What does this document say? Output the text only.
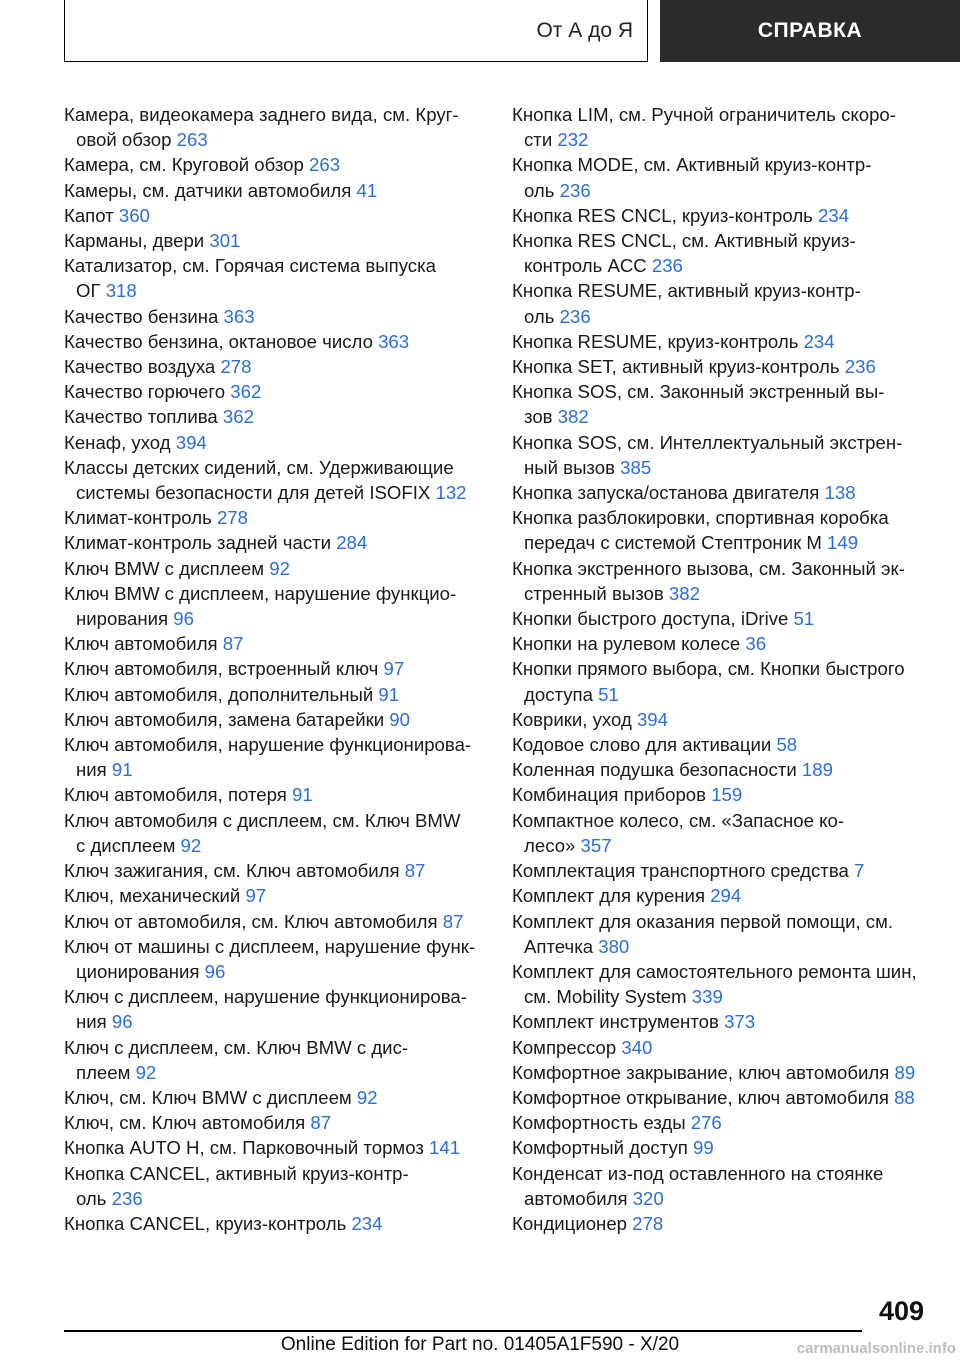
От А до Я	СПРАВКА
Камера, видеокамера заднего вида, см. Круг-
овой обзор 263
Камера, см. Круговой обзор 263
Камеры, см. датчики автомобиля 41
Капот 360
Карманы, двери 301
Катализатор, см. Горячая система выпуска
ОГ 318
Качество бензина 363
Качество бензина, октановое число 363
Качество воздуха 278
Качество горючего 362
Качество топлива 362
Кенаф, уход 394
Классы детских сидений, см. Удерживающие
системы безопасности для детей ISOFIX 132
Климат-контроль 278
Климат-контроль задней части 284
Ключ BMW с дисплеем 92
Ключ BMW с дисплеем, нарушение функцио-
нирования 96
Ключ автомобиля 87
Ключ автомобиля, встроенный ключ 97
Ключ автомобиля, дополнительный 91
Ключ автомобиля, замена батарейки 90
Ключ автомобиля, нарушение функционирова-
ния 91
Ключ автомобиля, потеря 91
Ключ автомобиля с дисплеем, см. Ключ BMW
с дисплеем 92
Ключ зажигания, см. Ключ автомобиля 87
Ключ, механический 97
Ключ от автомобиля, см. Ключ автомобиля 87
Ключ от машины с дисплеем, нарушение функ-
ционирования 96
Ключ с дисплеем, нарушение функционирова-
ния 96
Ключ с дисплеем, см. Ключ BMW с дис-
плеем 92
Ключ, см. Ключ BMW с дисплеем 92
Ключ, см. Ключ автомобиля 87
Кнопка AUTO H, см. Парковочный тормоз 141
Кнопка CANCEL, активный круиз-контр-
оль 236
Кнопка CANCEL, круиз-контроль 234
Кнопка LIM, см. Ручной ограничитель скоро-
сти 232
Кнопка MODE, см. Активный круиз-контр-
оль 236
Кнопка RES CNCL, круиз-контроль 234
Кнопка RES CNCL, см. Активный круиз-
контроль ACC 236
Кнопка RESUME, активный круиз-контр-
оль 236
Кнопка RESUME, круиз-контроль 234
Кнопка SET, активный круиз-контроль 236
Кнопка SOS, см. Законный экстренный вы-
зов 382
Кнопка SOS, см. Интеллектуальный экстрен-
ный вызов 385
Кнопка запуска/останова двигателя 138
Кнопка разблокировки, спортивная коробка
передач с системой Стептроник M 149
Кнопка экстренного вызова, см. Законный эк-
стренный вызов 382
Кнопки быстрого доступа, iDrive 51
Кнопки на рулевом колесе 36
Кнопки прямого выбора, см. Кнопки быстрого
доступа 51
Коврики, уход 394
Кодовое слово для активации 58
Коленная подушка безопасности 189
Комбинация приборов 159
Компактное колесо, см. «Запасное ко-
лесо» 357
Комплектация транспортного средства 7
Комплект для курения 294
Комплект для оказания первой помощи, см.
Аптечка 380
Комплект для самостоятельного ремонта шин,
см. Mobility System 339
Комплект инструментов 373
Компрессор 340
Комфортное закрывание, ключ автомобиля 89
Комфортное открывание, ключ автомобиля 88
Комфортность езды 276
Комфортный доступ 99
Конденсат из-под оставленного на стоянке
автомобиля 320
Кондиционер 278
409
Online Edition for Part no. 01405A1F590 - X/20	carmanualsonline.info
